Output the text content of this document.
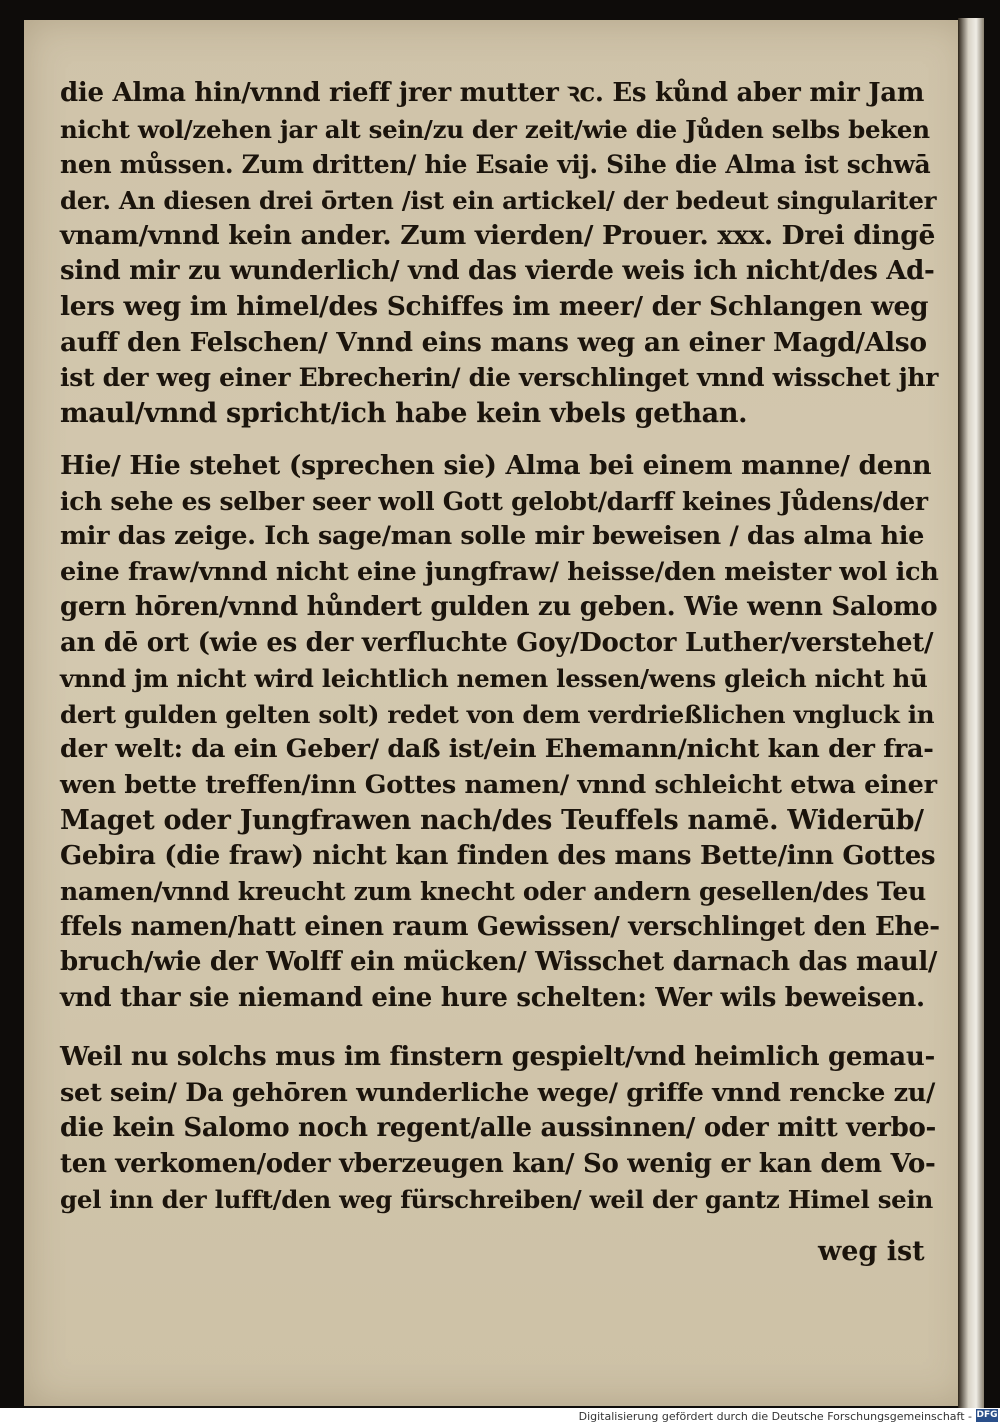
die Alma hin/vnnd rieff jrer mutter ꝛc. Es kůnd aber mir Jam
nicht wol/zehen jar alt sein/zu der zeit/wie die Jůden selbs beken
nen můssen. Zum dritten/ hie Esaie vij. Sihe die Alma ist schwā
der. An diesen drei ōrten /ist ein artickel/ der bedeut singulariter
vnam/vnnd kein ander. Zum vierden/ Prouer. xxx. Drei dingē
sind mir zu wunderlich/ vnd das vierde weis ich nicht/des Ad-
lers weg im himel/des Schiffes im meer/ der Schlangen weg
auff den Felschen/ Vnnd eins mans weg an einer Magd/Also
ist der weg einer Ebrecherin/ die verschlinget vnnd wisschet jhr
maul/vnnd spricht/ich habe kein vbels gethan.
Hie/ Hie stehet (sprechen sie) Alma bei einem manne/ denn
ich sehe es selber seer woll Gott gelobt/darff keines Jůdens/der
mir das zeige. Ich sage/man solle mir beweisen / das alma hie
eine fraw/vnnd nicht eine jungfraw/ heisse/den meister wol ich
gern hōren/vnnd hůndert gulden zu geben. Wie wenn Salomo
an dē ort (wie es der verfluchte Goy/Doctor Luther/verstehet/
vnnd jm nicht wird leichtlich nemen lessen/wens gleich nicht hū
dert gulden gelten solt) redet von dem verdrießlichen vngluck in
der welt: da ein Geber/ daß ist/ein Ehemann/nicht kan der fra-
wen bette treffen/inn Gottes namen/ vnnd schleicht etwa einer
Maget oder Jungfrawen nach/des Teuffels namē. Widerūb/
Gebira (die fraw) nicht kan finden des mans Bette/inn Gottes
namen/vnnd kreucht zum knecht oder andern gesellen/des Teu
ffels namen/hatt einen raum Gewissen/ verschlinget den Ehe-
bruch/wie der Wolff ein mücken/ Wisschet darnach das maul/
vnd thar sie niemand eine hure schelten: Wer wils beweisen.
Weil nu solchs mus im finstern gespielt/vnd heimlich gemau-
set sein/ Da gehōren wunderliche wege/ griffe vnnd rencke zu/
die kein Salomo noch regent/alle aussinnen/ oder mitt verbo-
ten verkomen/oder vberzeugen kan/ So wenig er kan dem Vo-
gel inn der lufft/den weg fürschreiben/ weil der gantz Himel sein
weg ist
Digitalisierung gefördert durch die Deutsche Forschungsgemeinschaft - DFG
